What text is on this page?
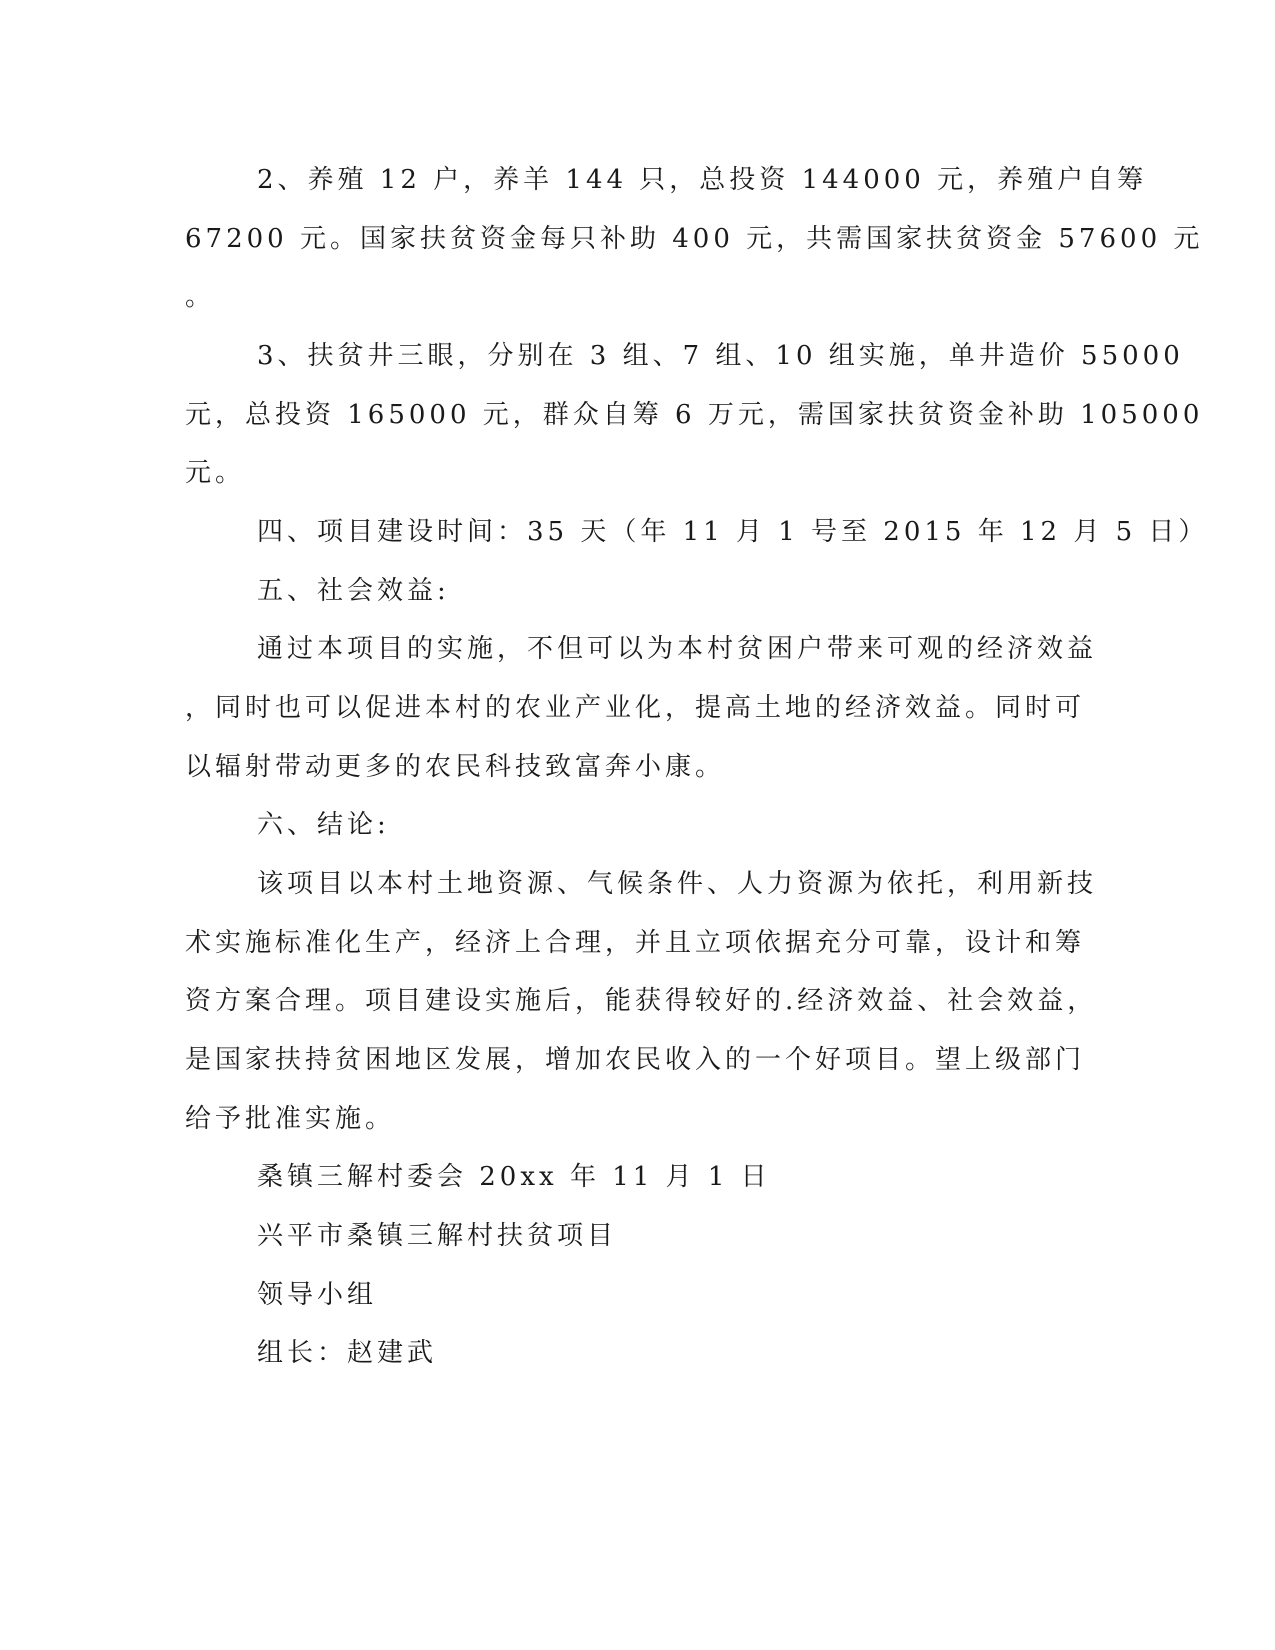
2、养殖 12 户，养羊 144 只，总投资 144000 元，养殖户自筹
67200 元。国家扶贫资金每只补助 400 元，共需国家扶贫资金 57600 元
。
3、扶贫井三眼，分别在 3 组、7 组、10 组实施，单井造价 55000
元，总投资 165000 元，群众自筹 6 万元，需国家扶贫资金补助 105000
元。
四、项目建设时间：35 天（年 11 月 1 号至 2015 年 12 月 5 日）
五、社会效益:
通过本项目的实施，不但可以为本村贫困户带来可观的经济效益
，同时也可以促进本村的农业产业化，提高土地的经济效益。同时可
以辐射带动更多的农民科技致富奔小康。
六、结论:
该项目以本村土地资源、气候条件、人力资源为依托，利用新技
术实施标准化生产，经济上合理，并且立项依据充分可靠，设计和筹
资方案合理。项目建设实施后，能获得较好的.经济效益、社会效益，
是国家扶持贫困地区发展，增加农民收入的一个好项目。望上级部门
给予批准实施。
桑镇三解村委会 20xx 年 11 月 1 日
兴平市桑镇三解村扶贫项目
领导小组
组长：赵建武
